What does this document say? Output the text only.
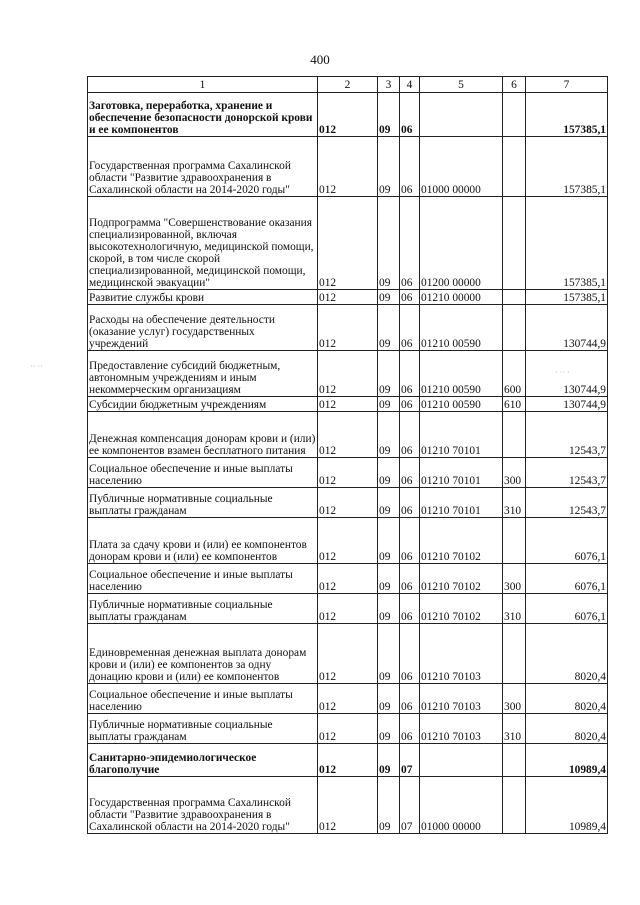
400
·· ··
· ·· ·
1	2	3	4	5	6	7
Заготовка, переработка, хранение и обеспечение безопасности донорской крови и ее компонентов	012	09	06			157385,1
Государственная программа Сахалинской области "Развитие здравоохранения в Сахалинской области на 2014-2020 годы"	012	09	06	01000 00000		157385,1
Подпрограмма "Совершенствование оказания специализированной, включая высокотехнологичную, медицинской помощи, скорой, в том числе скорой специализированной, медицинской помощи, медицинской эвакуации"	012	09	06	01200 00000		157385,1
Развитие службы крови	012	09	06	01210 00000		157385,1
Расходы на обеспечение деятельности (оказание услуг) государственных учреждений	012	09	06	01210 00590		130744,9
Предоставление субсидий бюджетным, автономным учреждениям и иным некоммерческим организациям	012	09	06	01210 00590	600	130744,9
Субсидии бюджетным учреждениям	012	09	06	01210 00590	610	130744,9
Денежная компенсация донорам крови и (или) ее компонентов взамен бесплатного питания	012	09	06	01210 70101		12543,7
Социальное обеспечение и иные выплаты населению	012	09	06	01210 70101	300	12543,7
Публичные нормативные социальные выплаты гражданам	012	09	06	01210 70101	310	12543,7
Плата за сдачу крови и (или) ее компонентов донорам крови и (или) ее компонентов	012	09	06	01210 70102		6076,1
Социальное обеспечение и иные выплаты населению	012	09	06	01210 70102	300	6076,1
Публичные нормативные социальные выплаты гражданам	012	09	06	01210 70102	310	6076,1
Единовременная денежная выплата донорам крови и (или) ее компонентов за одну донацию крови и (или) ее компонентов	012	09	06	01210 70103		8020,4
Социальное обеспечение и иные выплаты населению	012	09	06	01210 70103	300	8020,4
Публичные нормативные социальные выплаты гражданам	012	09	06	01210 70103	310	8020,4
Санитарно-эпидемиологическое благополучие	012	09	07			10989,4
Государственная программа Сахалинской области "Развитие здравоохранения в Сахалинской области на 2014-2020 годы"	012	09	07	01000 00000		10989,4
